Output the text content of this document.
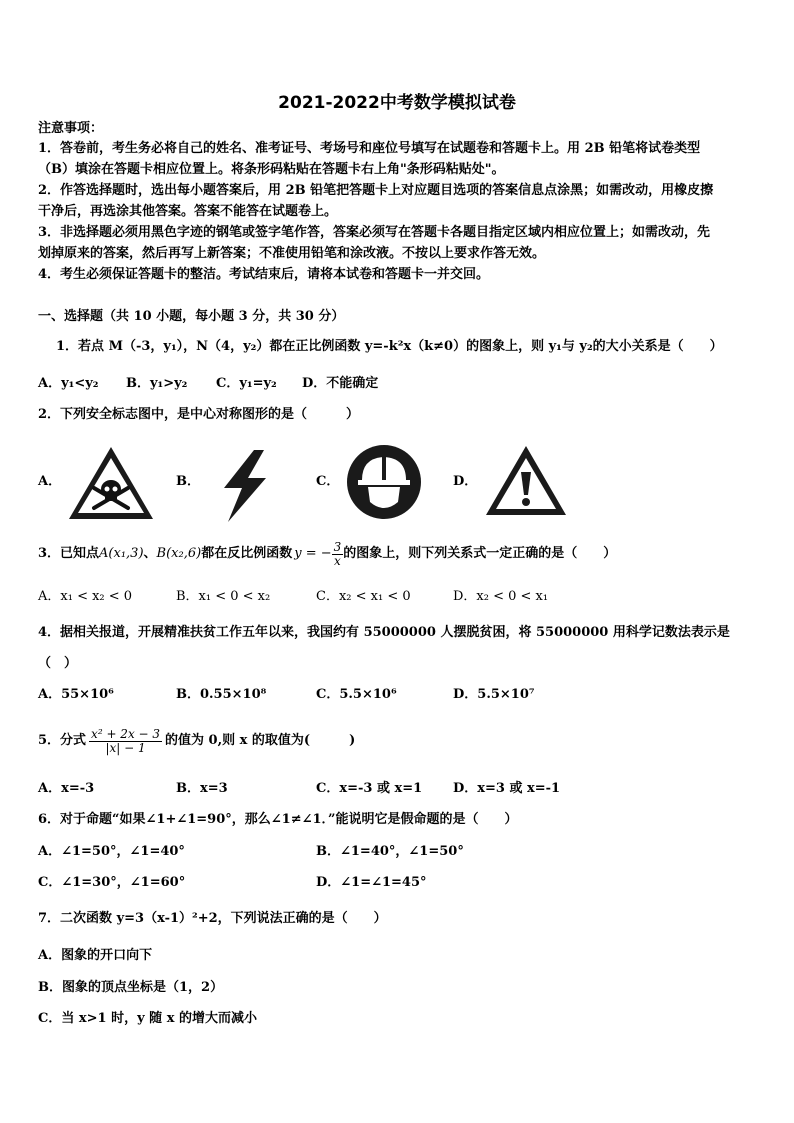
2021-2022中考数学模拟试卷
注意事项：
1．答卷前，考生务必将自己的姓名、准考证号、考场号和座位号填写在试题卷和答题卡上。用 2B 铅笔将试卷类型
（B）填涂在答题卡相应位置上。将条形码粘贴在答题卡右上角"条形码粘贴处"。
2．作答选择题时，选出每小题答案后，用 2B 铅笔把答题卡上对应题目选项的答案信息点涂黑；如需改动，用橡皮擦
干净后，再选涂其他答案。答案不能答在试题卷上。
3．非选择题必须用黑色字迹的钢笔或签字笔作答，答案必须写在答题卡各题目指定区域内相应位置上；如需改动，先
划掉原来的答案，然后再写上新答案；不准使用铅笔和涂改液。不按以上要求作答无效。
4．考生必须保证答题卡的整洁。考试结束后，请将本试卷和答题卡一并交回。
一、选择题（共 10 小题，每小题 3 分，共 30 分）
1．若点 M（-3，y₁），N（4，y₂）都在正比例函数 y=-k²x（k≠0）的图象上，则 y₁与 y₂的大小关系是（　　）
A．y₁<y₂ B．y₁>y₂ C．y₁=y₂ D．不能确定
2．下列安全标志图中，是中心对称图形的是（　　　）
A．	B．	C．	D．
3．已知点 A(x₁,3) 、 B(x₂,6) 都在反比例函数 y = − $\frac{3}{x}$ 的图象上，则下列关系式一定正确的是（　　）
A．x₁ < x₂ < 0	B．x₁ < 0 < x₂	C．x₂ < x₁ < 0	D．x₂ < 0 < x₁
4．据相关报道，开展精准扶贫工作五年以来，我国约有 55000000 人摆脱贫困，将 55000000 用科学记数法表示是
（　）
A．55×10⁶	B．0.55×10⁸	C．5.5×10⁶	D．5.5×10⁷
5．分式 $\frac{\text{x² + 2x − 3}}{|x| - 1}$ 的值为 0,则 x 的取值为(　　　)
A．x=-3	B．x=3	C．x=-3 或 x=1 D．x=3 或 x=-1
6．对于命题“如果∠1+∠1=90°，那么∠1≠∠1．”能说明它是假命题的是（　　）
A．∠1=50°，∠1=40°	B．∠1=40°，∠1=50°
C．∠1=30°，∠1=60°	D．∠1=∠1=45°
7．二次函数 y=3（x-1）²+2，下列说法正确的是（　　）
A．图象的开口向下
B．图象的顶点坐标是（1，2）
C．当 x>1 时，y 随 x 的增大而减小
